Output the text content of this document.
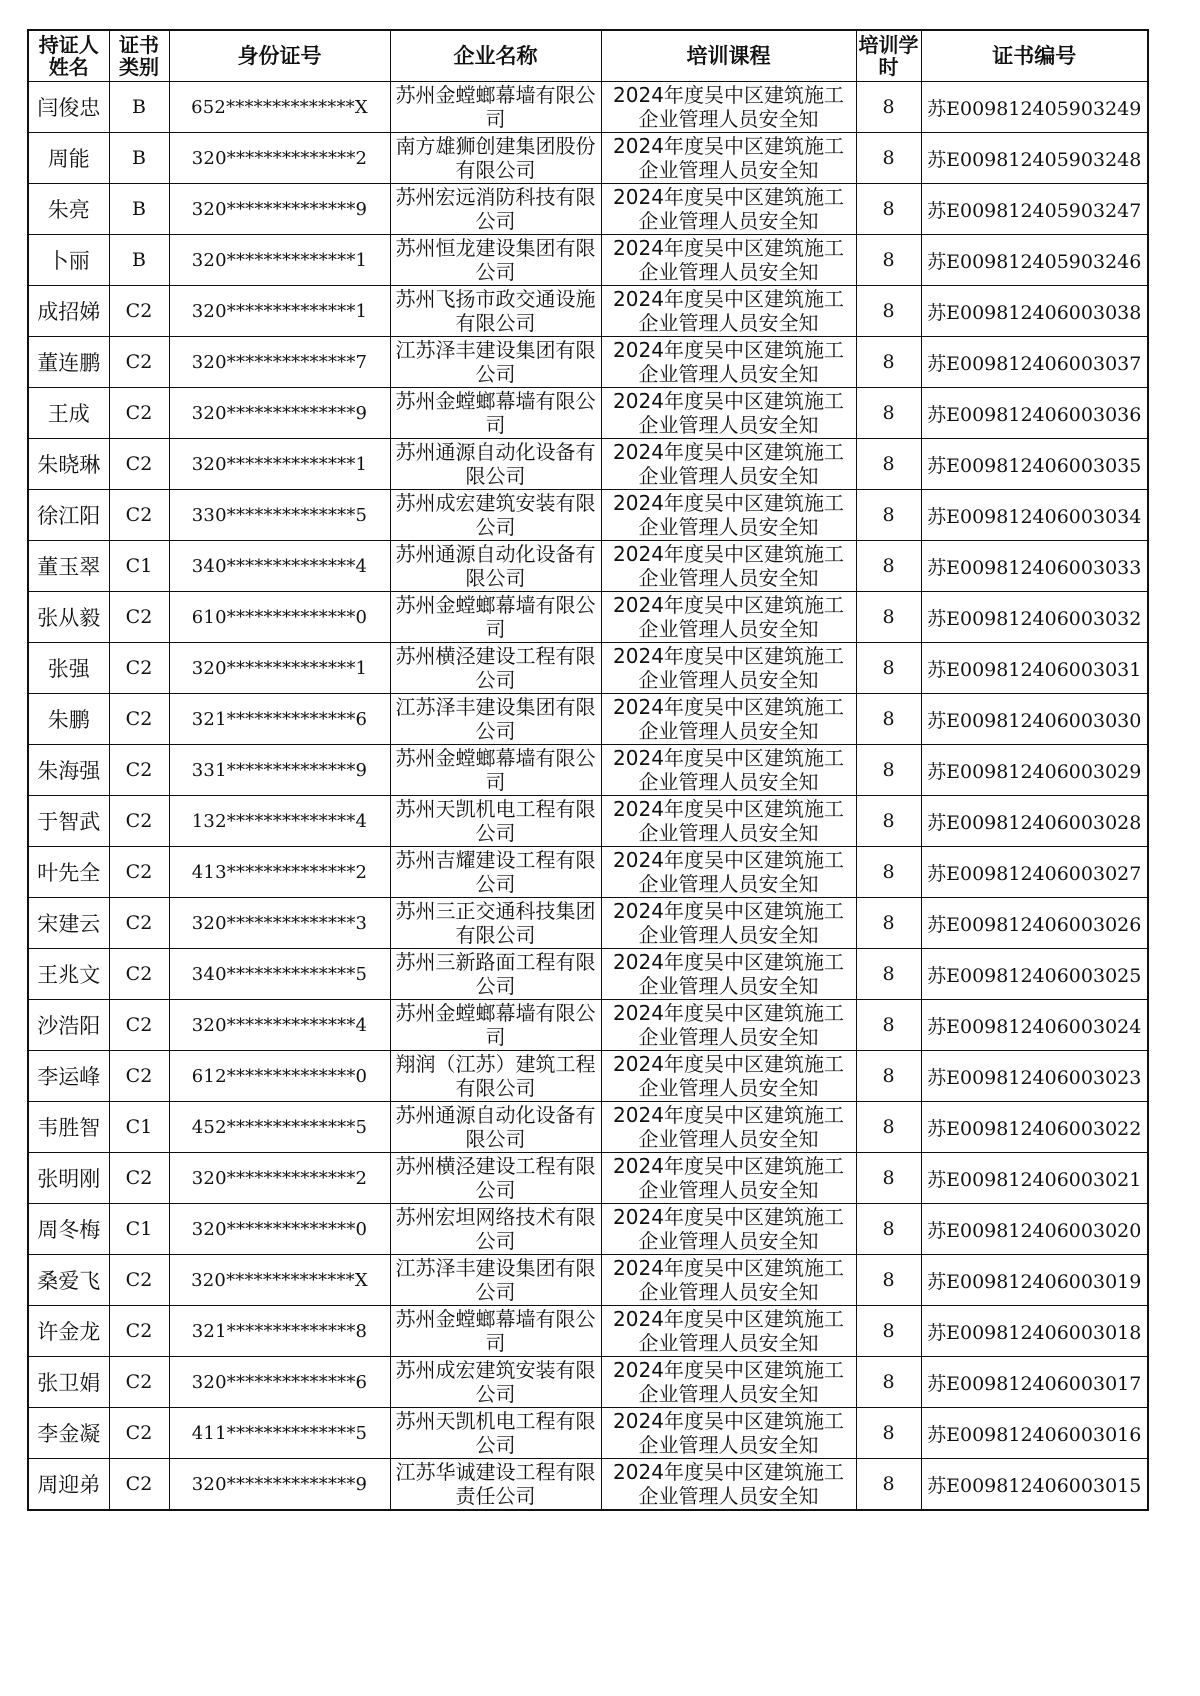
持证人姓名	证书类别	身份证号	企业名称	培训课程	培训学时	证书编号

闫俊忠	B	652**************X	苏州金螳螂幕墙有限公司	2024年度吴中区建筑施工企业管理人员安全知	8	苏E009812405903249
周能	B	320**************2	南方雄狮创建集团股份有限公司	2024年度吴中区建筑施工企业管理人员安全知	8	苏E009812405903248
朱亮	B	320**************9	苏州宏远消防科技有限公司	2024年度吴中区建筑施工企业管理人员安全知	8	苏E009812405903247
卜丽	B	320**************1	苏州恒龙建设集团有限公司	2024年度吴中区建筑施工企业管理人员安全知	8	苏E009812405903246
成招娣	C2	320**************1	苏州飞扬市政交通设施有限公司	2024年度吴中区建筑施工企业管理人员安全知	8	苏E009812406003038
董连鹏	C2	320**************7	江苏泽丰建设集团有限公司	2024年度吴中区建筑施工企业管理人员安全知	8	苏E009812406003037
王成	C2	320**************9	苏州金螳螂幕墙有限公司	2024年度吴中区建筑施工企业管理人员安全知	8	苏E009812406003036
朱晓琳	C2	320**************1	苏州通源自动化设备有限公司	2024年度吴中区建筑施工企业管理人员安全知	8	苏E009812406003035
徐江阳	C2	330**************5	苏州成宏建筑安装有限公司	2024年度吴中区建筑施工企业管理人员安全知	8	苏E009812406003034
董玉翠	C1	340**************4	苏州通源自动化设备有限公司	2024年度吴中区建筑施工企业管理人员安全知	8	苏E009812406003033
张从毅	C2	610**************0	苏州金螳螂幕墙有限公司	2024年度吴中区建筑施工企业管理人员安全知	8	苏E009812406003032
张强	C2	320**************1	苏州横泾建设工程有限公司	2024年度吴中区建筑施工企业管理人员安全知	8	苏E009812406003031
朱鹏	C2	321**************6	江苏泽丰建设集团有限公司	2024年度吴中区建筑施工企业管理人员安全知	8	苏E009812406003030
朱海强	C2	331**************9	苏州金螳螂幕墙有限公司	2024年度吴中区建筑施工企业管理人员安全知	8	苏E009812406003029
于智武	C2	132**************4	苏州天凯机电工程有限公司	2024年度吴中区建筑施工企业管理人员安全知	8	苏E009812406003028
叶先全	C2	413**************2	苏州吉耀建设工程有限公司	2024年度吴中区建筑施工企业管理人员安全知	8	苏E009812406003027
宋建云	C2	320**************3	苏州三正交通科技集团有限公司	2024年度吴中区建筑施工企业管理人员安全知	8	苏E009812406003026
王兆文	C2	340**************5	苏州三新路面工程有限公司	2024年度吴中区建筑施工企业管理人员安全知	8	苏E009812406003025
沙浩阳	C2	320**************4	苏州金螳螂幕墙有限公司	2024年度吴中区建筑施工企业管理人员安全知	8	苏E009812406003024
李运峰	C2	612**************0	翔润（江苏）建筑工程有限公司	2024年度吴中区建筑施工企业管理人员安全知	8	苏E009812406003023
韦胜智	C1	452**************5	苏州通源自动化设备有限公司	2024年度吴中区建筑施工企业管理人员安全知	8	苏E009812406003022
张明刚	C2	320**************2	苏州横泾建设工程有限公司	2024年度吴中区建筑施工企业管理人员安全知	8	苏E009812406003021
周冬梅	C1	320**************0	苏州宏坦网络技术有限公司	2024年度吴中区建筑施工企业管理人员安全知	8	苏E009812406003020
桑爱飞	C2	320**************X	江苏泽丰建设集团有限公司	2024年度吴中区建筑施工企业管理人员安全知	8	苏E009812406003019
许金龙	C2	321**************8	苏州金螳螂幕墙有限公司	2024年度吴中区建筑施工企业管理人员安全知	8	苏E009812406003018
张卫娟	C2	320**************6	苏州成宏建筑安装有限公司	2024年度吴中区建筑施工企业管理人员安全知	8	苏E009812406003017
李金凝	C2	411**************5	苏州天凯机电工程有限公司	2024年度吴中区建筑施工企业管理人员安全知	8	苏E009812406003016
周迎弟	C2	320**************9	江苏华诚建设工程有限责任公司	2024年度吴中区建筑施工企业管理人员安全知	8	苏E009812406003015
